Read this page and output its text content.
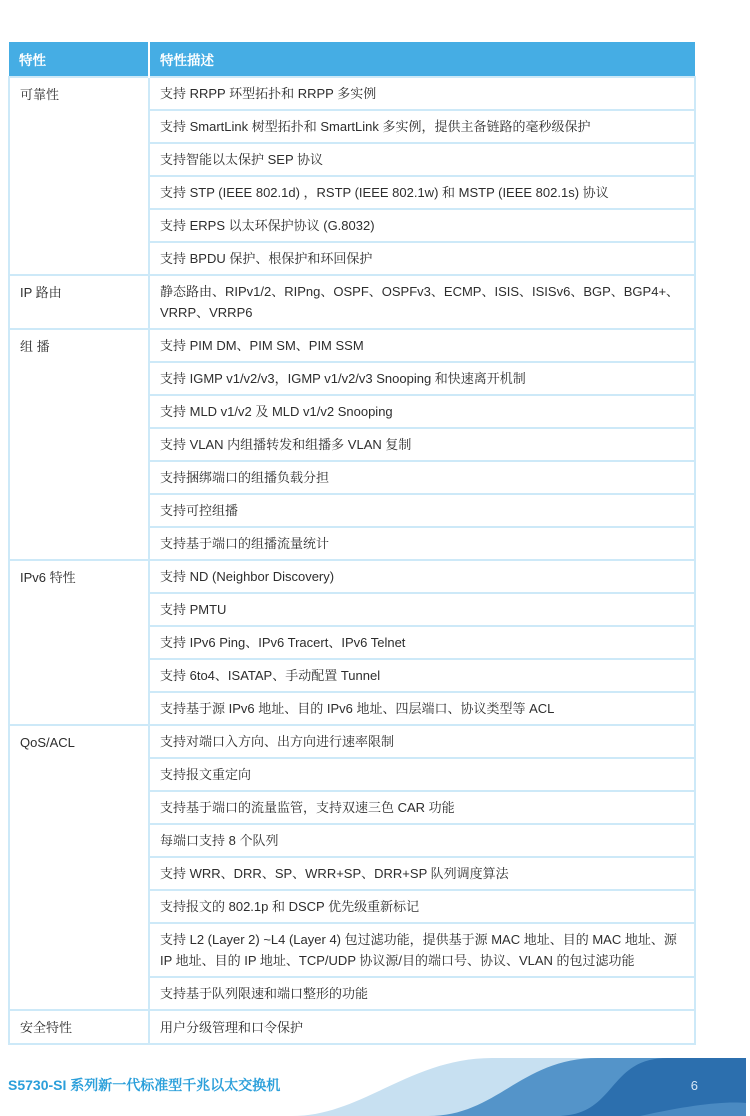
特性	特性描述
可靠性	支持 RRPP 环型拓扑和 RRPP 多实例
	支持 SmartLink 树型拓扑和 SmartLink 多实例，提供主备链路的毫秒级保护
	支持智能以太保护 SEP 协议
	支持 STP (IEEE 802.1d) ，RSTP (IEEE 802.1w) 和 MSTP (IEEE 802.1s) 协议
	支持 ERPS 以太环保护协议 (G.8032)
	支持 BPDU 保护、根保护和环回保护
IP 路由	静态路由、RIPv1/2、RIPng、OSPF、OSPFv3、ECMP、ISIS、ISISv6、BGP、BGP4+、VRRP、VRRP6
组 播	支持 PIM DM、PIM SM、PIM SSM
	支持 IGMP v1/v2/v3，IGMP v1/v2/v3 Snooping 和快速离开机制
	支持 MLD v1/v2 及 MLD v1/v2 Snooping
	支持 VLAN 内组播转发和组播多 VLAN 复制
	支持捆绑端口的组播负载分担
	支持可控组播
	支持基于端口的组播流量统计
IPv6 特性	支持 ND (Neighbor Discovery)
	支持 PMTU
	支持 IPv6 Ping、IPv6 Tracert、IPv6 Telnet
	支持 6to4、ISATAP、手动配置 Tunnel
	支持基于源 IPv6 地址、目的 IPv6 地址、四层端口、协议类型等 ACL
QoS/ACL	支持对端口入方向、出方向进行速率限制
	支持报文重定向
	支持基于端口的流量监管，支持双速三色 CAR 功能
	每端口支持 8 个队列
	支持 WRR、DRR、SP、WRR+SP、DRR+SP 队列调度算法
	支持报文的 802.1p 和 DSCP 优先级重新标记
	支持 L2 (Layer 2) ~L4 (Layer 4) 包过滤功能，提供基于源 MAC 地址、目的 MAC 地址、源 IP 地址、目的 IP 地址、TCP/UDP 协议源/目的端口号、协议、VLAN 的包过滤功能
	支持基于队列限速和端口整形的功能
安全特性	用户分级管理和口令保护
S5730-SI 系列新一代标准型千兆以太交换机	6
